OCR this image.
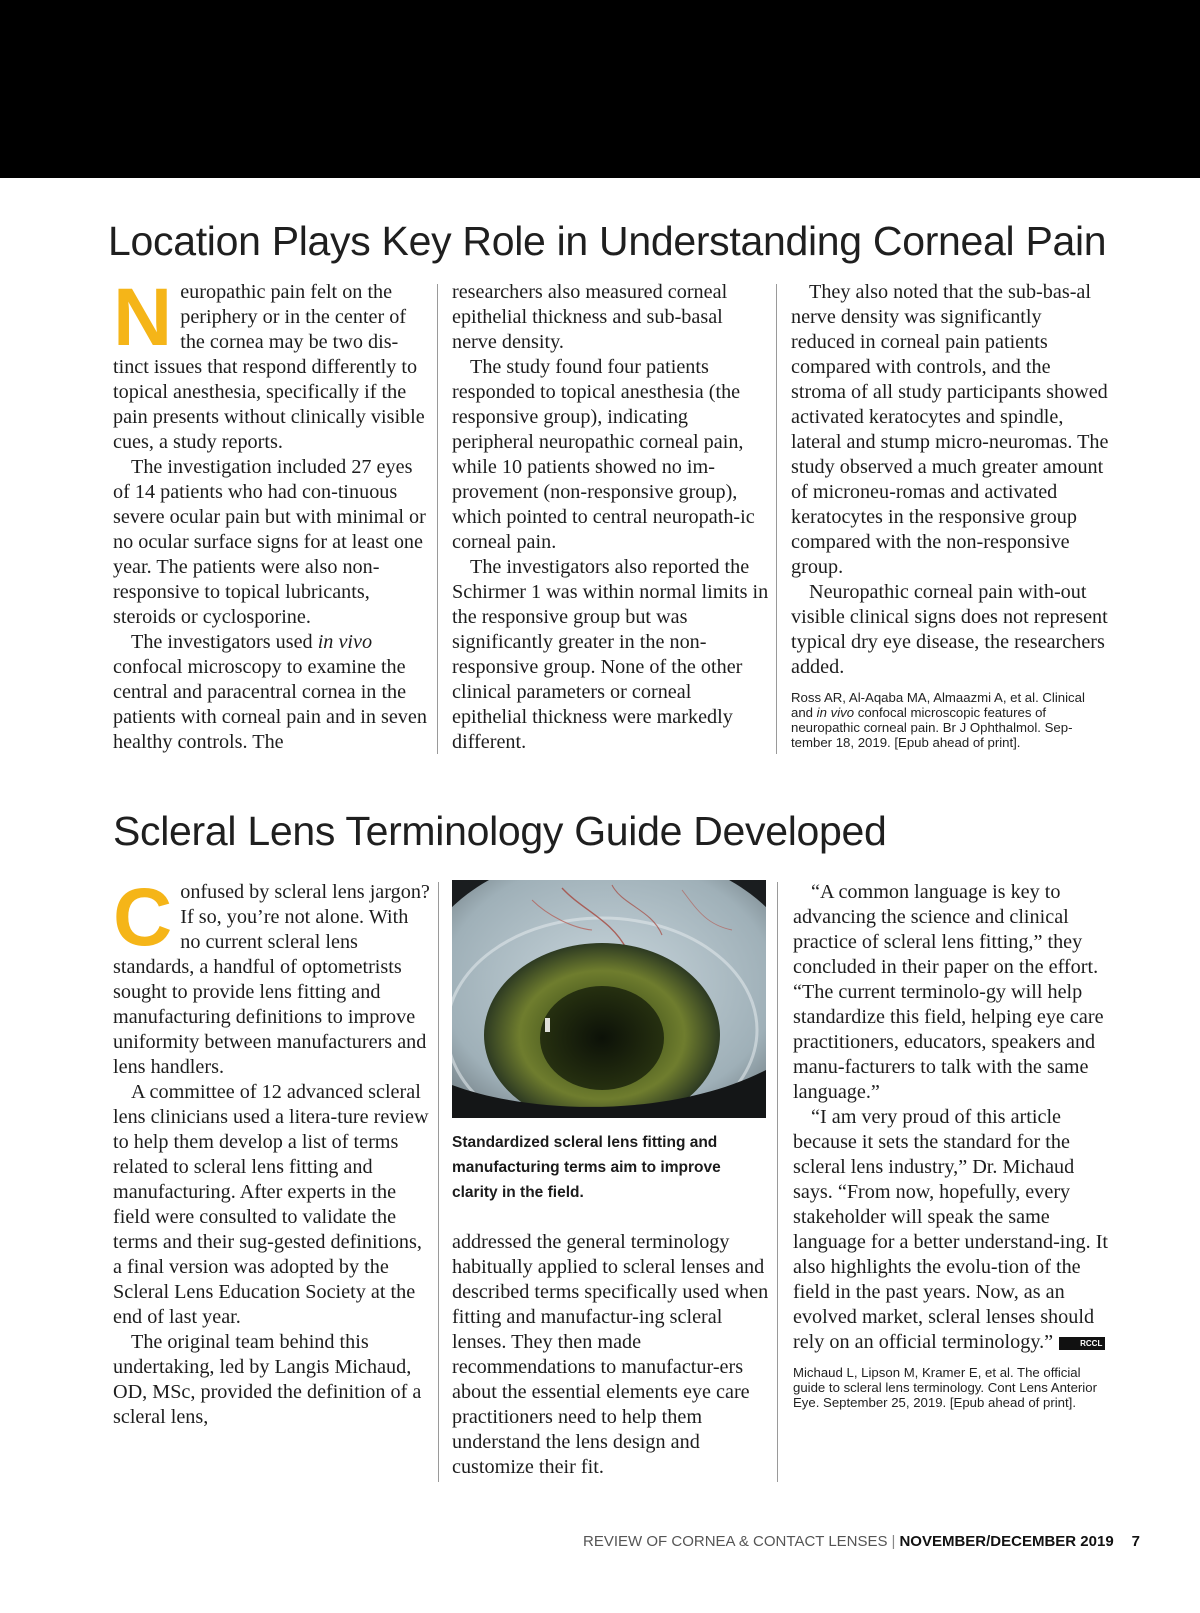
Location Plays Key Role in Understanding Corneal Pain

Neuropathic pain felt on the periphery or in the center of the cornea may be two dis-tinct issues that respond differently to topical anesthesia, specifically if the pain presents without clinically visible cues, a study reports.

The investigation included 27 eyes of 14 patients who had con-tinuous severe ocular pain but with minimal or no ocular surface signs for at least one year. The patients were also non-responsive to topical lubricants, steroids or cyclosporine.

The investigators used in vivo confocal microscopy to examine the central and paracentral cornea in the patients with corneal pain and in seven healthy controls. The

researchers also measured corneal epithelial thickness and sub-basal nerve density.

The study found four patients responded to topical anesthesia (the responsive group), indicating peripheral neuropathic corneal pain, while 10 patients showed no im-provement (non-responsive group), which pointed to central neuropath-ic corneal pain.

The investigators also reported the Schirmer 1 was within normal limits in the responsive group but was significantly greater in the non-responsive group. None of the other clinical parameters or corneal epithelial thickness were markedly different.

They also noted that the sub-bas-al nerve density was significantly reduced in corneal pain patients compared with controls, and the stroma of all study participants showed activated keratocytes and spindle, lateral and stump micro-neuromas. The study observed a much greater amount of microneu-romas and activated keratocytes in the responsive group compared with the non-responsive group.

Neuropathic corneal pain with-out visible clinical signs does not represent typical dry eye disease, the researchers added.

Ross AR, Al-Aqaba MA, Almaazmi A, et al. Clinical and in vivo confocal microscopic features of neuropathic corneal pain. Br J Ophthalmol. Sep-tember 18, 2019. [Epub ahead of print].

Scleral Lens Terminology Guide Developed

Confused by scleral lens jargon? If so, you’re not alone. With no current scleral lens standards, a handful of optometrists sought to provide lens fitting and manufacturing definitions to improve uniformity between manufacturers and lens handlers.

A committee of 12 advanced scleral lens clinicians used a litera-ture review to help them develop a list of terms related to scleral lens fitting and manufacturing. After experts in the field were consulted to validate the terms and their sug-gested definitions, a final version was adopted by the Scleral Lens Education Society at the end of last year.

The original team behind this undertaking, led by Langis Michaud, OD, MSc, provided the definition of a scleral lens,

Standardized scleral lens fitting and manufacturing terms aim to improve clarity in the field.

addressed the general terminology habitually applied to scleral lenses and described terms specifically used when fitting and manufactur-ing scleral lenses. They then made recommendations to manufactur-ers about the essential elements eye care practitioners need to help them understand the lens design and customize their fit.

“A common language is key to advancing the science and clinical practice of scleral lens fitting,” they concluded in their paper on the effort. “The current terminolo-gy will help standardize this field, helping eye care practitioners, educators, speakers and manu-facturers to talk with the same language.”

“I am very proud of this article because it sets the standard for the scleral lens industry,” Dr. Michaud says. “From now, hopefully, every stakeholder will speak the same language for a better understand-ing. It also highlights the evolu-tion of the field in the past years. Now, as an evolved market, scleral lenses should rely on an official terminology.”	RCCL

Michaud L, Lipson M, Kramer E, et al. The official guide to scleral lens terminology. Cont Lens Anterior Eye. September 25, 2019. [Epub ahead of print].

REVIEW OF CORNEA & CONTACT LENSES | NOVEMBER/DECEMBER 2019 7
